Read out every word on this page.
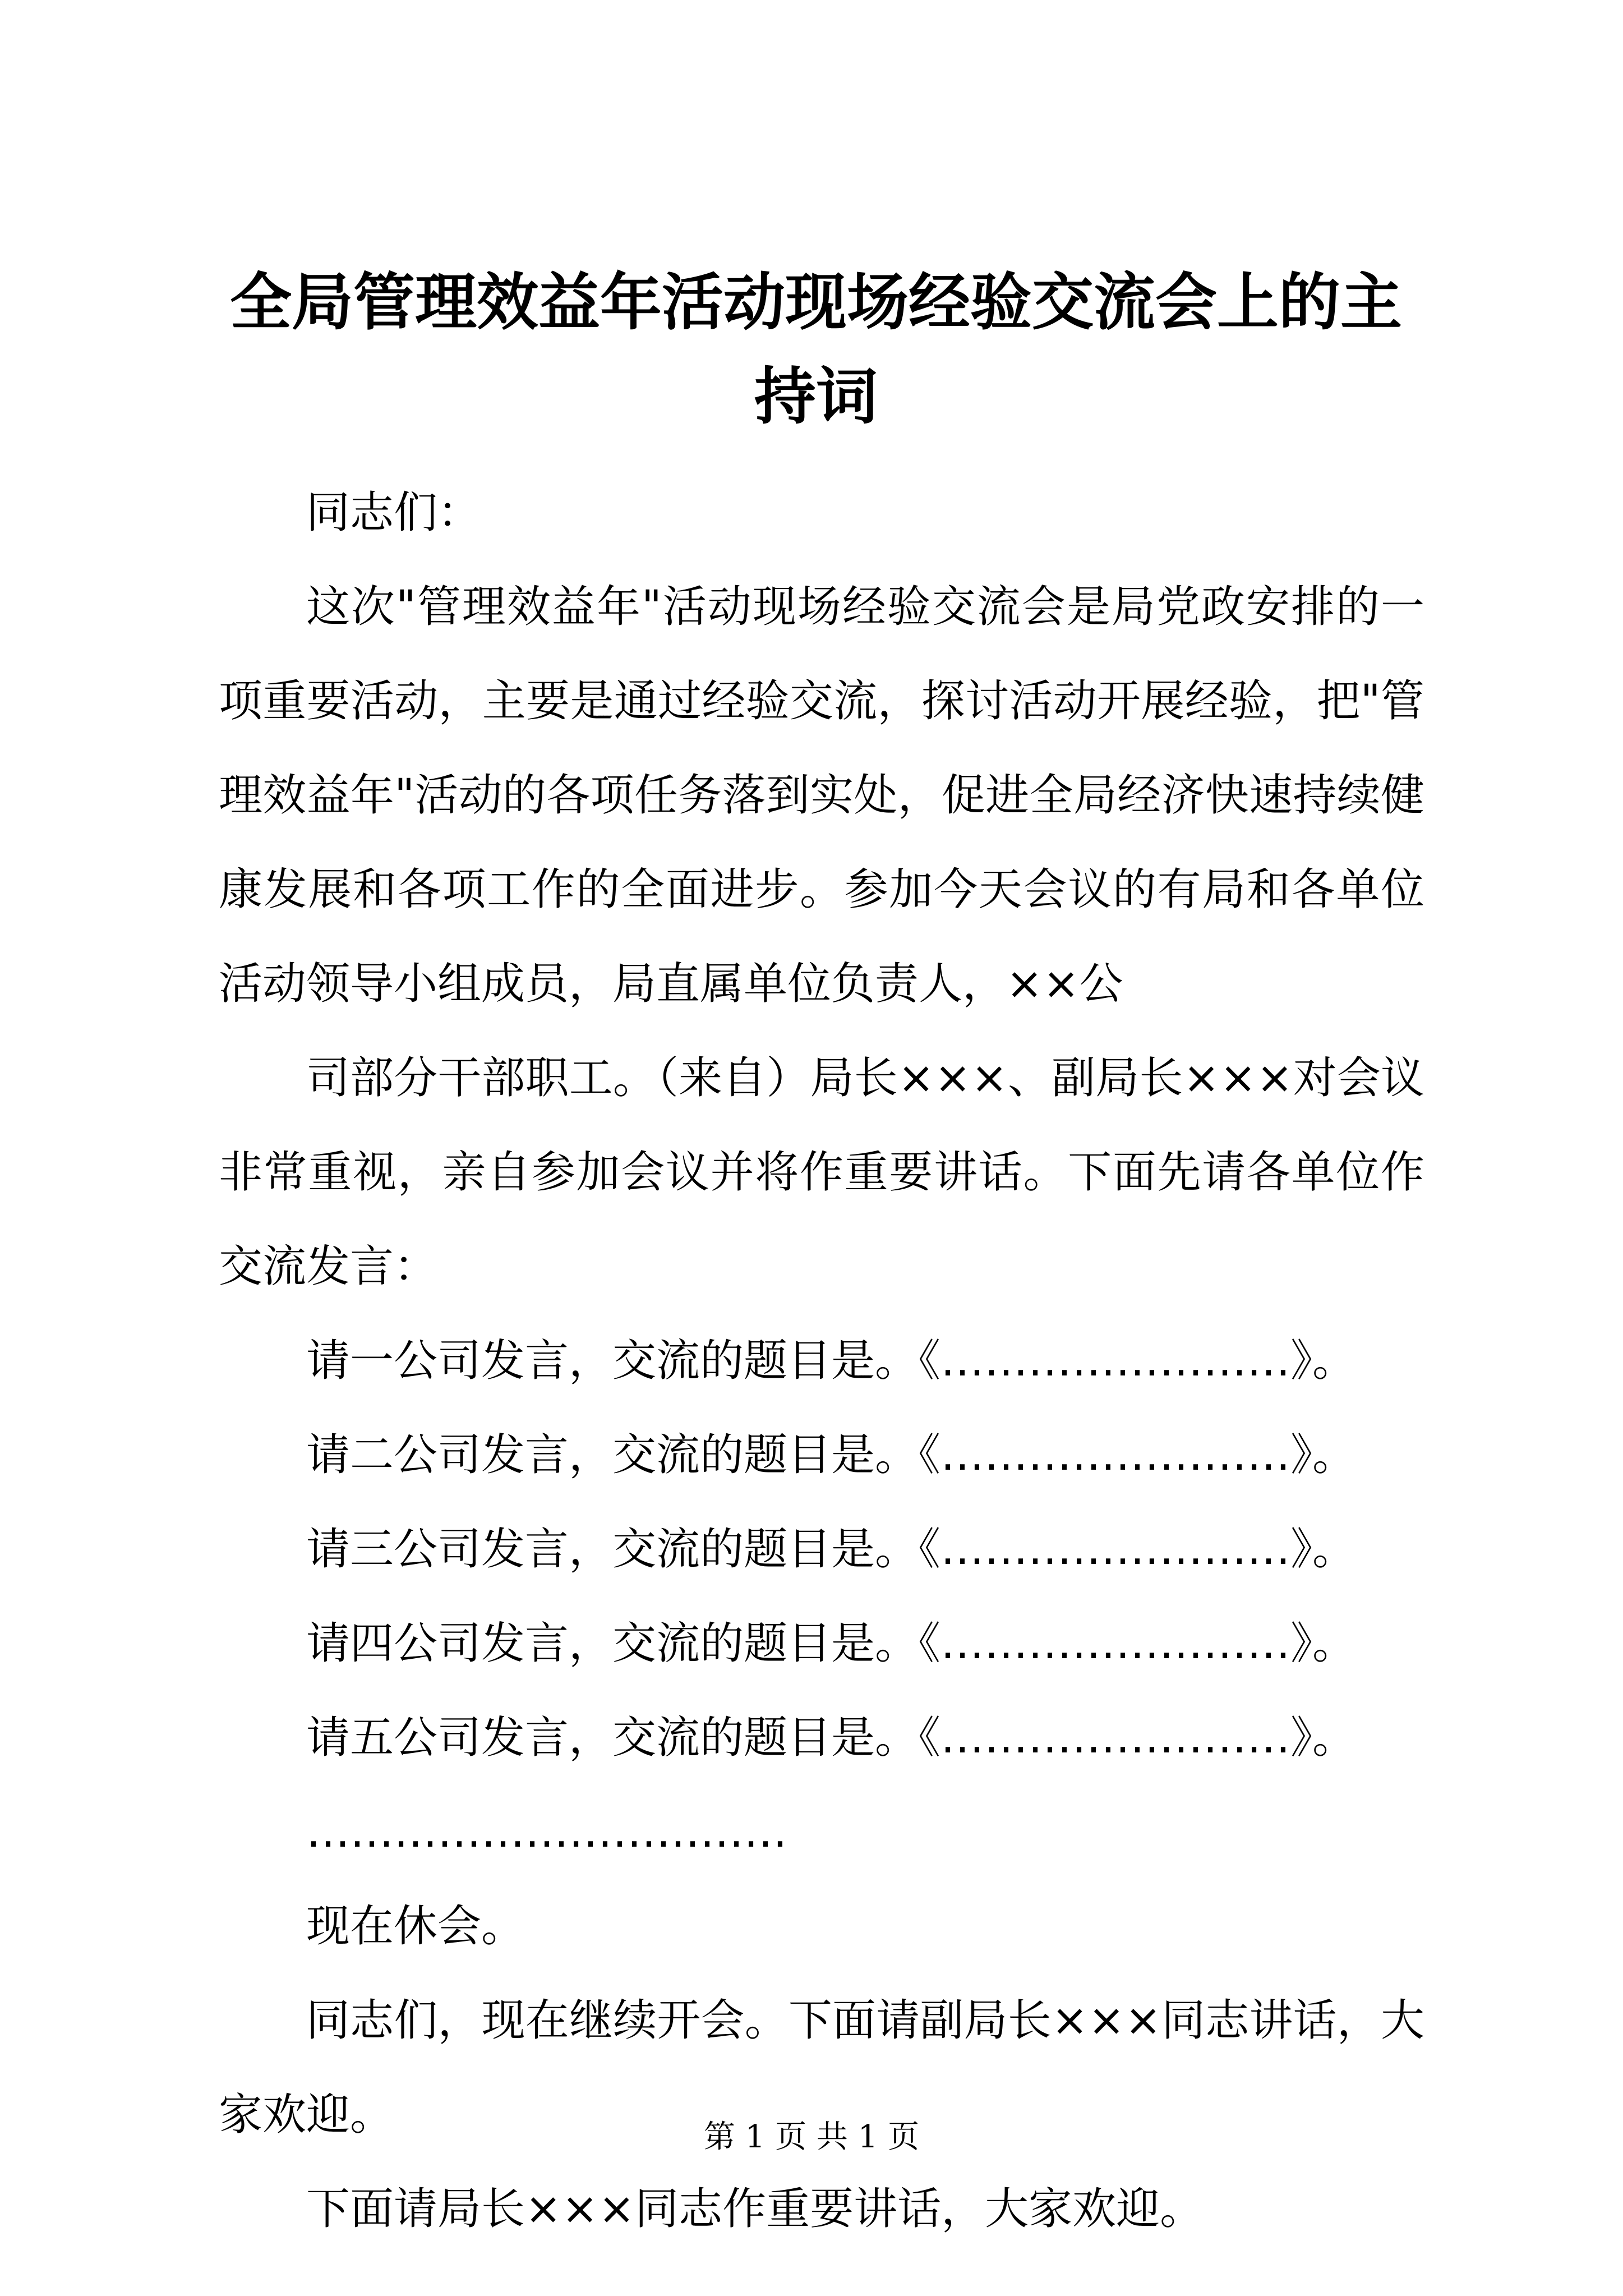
全局管理效益年活动现场经验交流会上的主持词

同志们：

这次"管理效益年"活动现场经验交流会是局党政安排的一项重要活动，主要是通过经验交流，探讨活动开展经验，把"管理效益年"活动的各项任务落到实处，促进全局经济快速持续健康发展和各项工作的全面进步。参加今天会议的有局和各单位活动领导小组成员，局直属单位负责人，××公

司部分干部职工。（来自）局长×××、副局长×××对会议非常重视，亲自参加会议并将作重要讲话。下面先请各单位作交流发言：

请一公司发言，交流的题目是。《……………………》。

请二公司发言，交流的题目是。《……………………》。

请三公司发言，交流的题目是。《……………………》。

请四公司发言，交流的题目是。《……………………》。

请五公司发言，交流的题目是。《……………………》。

……………………………

现在休会。

同志们，现在继续开会。下面请副局长×××同志讲话，大家欢迎。

下面请局长×××同志作重要讲话，大家欢迎。

第 1 页 共 1 页
